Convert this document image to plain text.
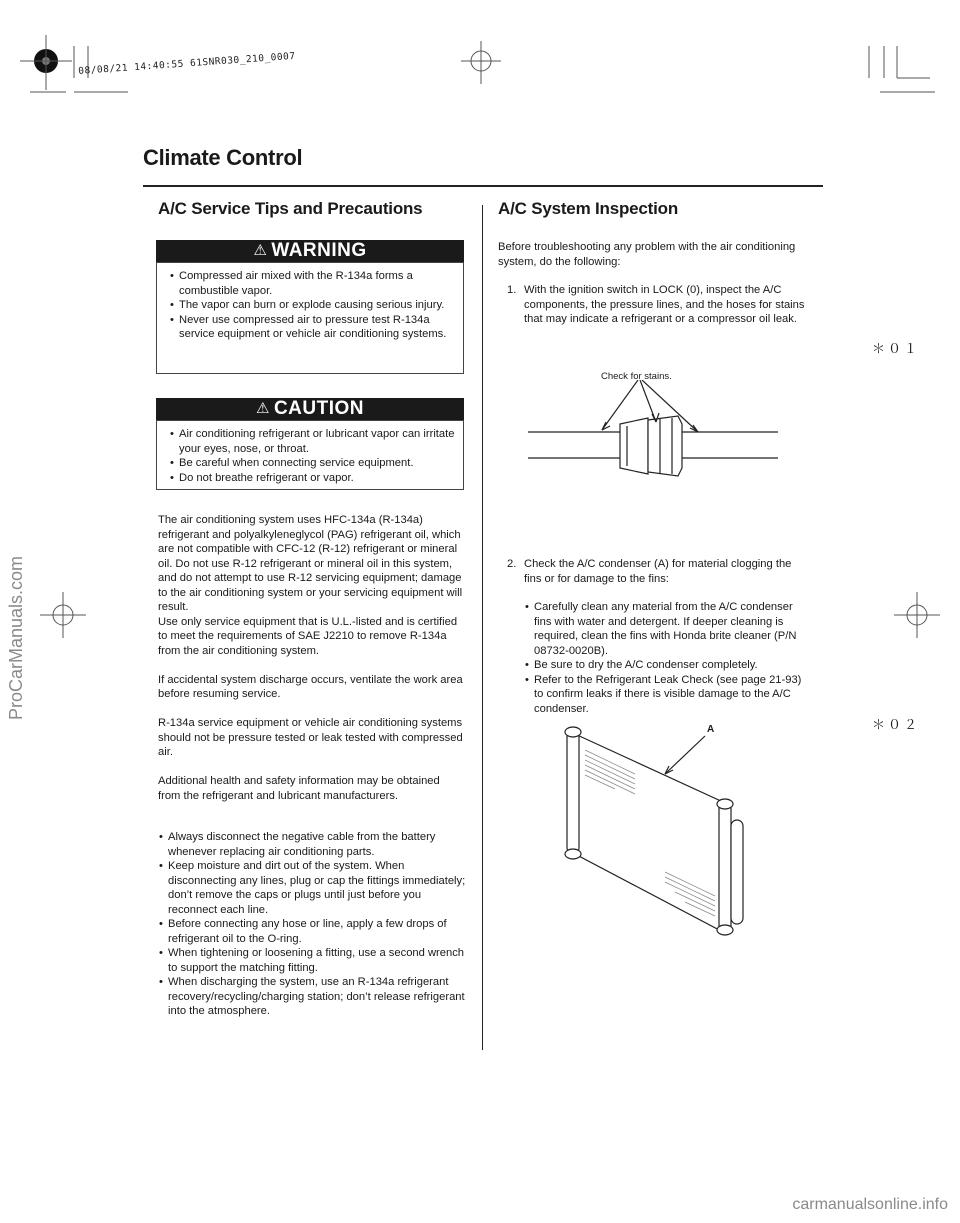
08/08/21 14:40:55 61SNR030_210_0007
Climate Control
ProCarManuals.com
carmanualsonline.info
A/C Service Tips and Precautions
⚠ WARNING
• Compressed air mixed with the R-134a forms a combustible vapor.
• The vapor can burn or explode causing serious injury.
• Never use compressed air to pressure test R-134a service equipment or vehicle air conditioning systems.
⚠ CAUTION
• Air conditioning refrigerant or lubricant vapor can irritate your eyes, nose, or throat.
• Be careful when connecting service equipment.
• Do not breathe refrigerant or vapor.
The air conditioning system uses HFC-134a (R-134a) refrigerant and polyalkyleneglycol (PAG) refrigerant oil, which are not compatible with CFC-12 (R-12) refrigerant or mineral oil. Do not use R-12 refrigerant or mineral oil in this system, and do not attempt to use R-12 servicing equipment; damage to the air conditioning system or your servicing equipment will result.
Use only service equipment that is U.L.-listed and is certified to meet the requirements of SAE J2210 to remove R-134a from the air conditioning system.

If accidental system discharge occurs, ventilate the work area before resuming service.

R-134a service equipment or vehicle air conditioning systems should not be pressure tested or leak tested with compressed air.

Additional health and safety information may be obtained from the refrigerant and lubricant manufacturers.
• Always disconnect the negative cable from the battery whenever replacing air conditioning parts.
• Keep moisture and dirt out of the system. When disconnecting any lines, plug or cap the fittings immediately; don’t remove the caps or plugs until just before you reconnect each line.
• Before connecting any hose or line, apply a few drops of refrigerant oil to the O-ring.
• When tightening or loosening a fitting, use a second wrench to support the matching fitting.
• When discharging the system, use an R-134a refrigerant recovery/recycling/charging station; don’t release refrigerant into the atmosphere.
A/C System Inspection
Before troubleshooting any problem with the air conditioning system, do the following:
1. With the ignition switch in LOCK (0), inspect the A/C components, the pressure lines, and the hoses for stains that may indicate a refrigerant or a compressor oil leak.
＊０１
＊０２
Check for stains.
2. Check the A/C condenser (A) for material clogging the fins or for damage to the fins:
• Carefully clean any material from the A/C condenser fins with water and detergent. If deeper cleaning is required, clean the fins with Honda brite cleaner (P/N 08732-0020B).
• Be sure to dry the A/C condenser completely.
• Refer to the Refrigerant Leak Check (see page 21-93) to confirm leaks if there is visible damage to the A/C condenser.
A
